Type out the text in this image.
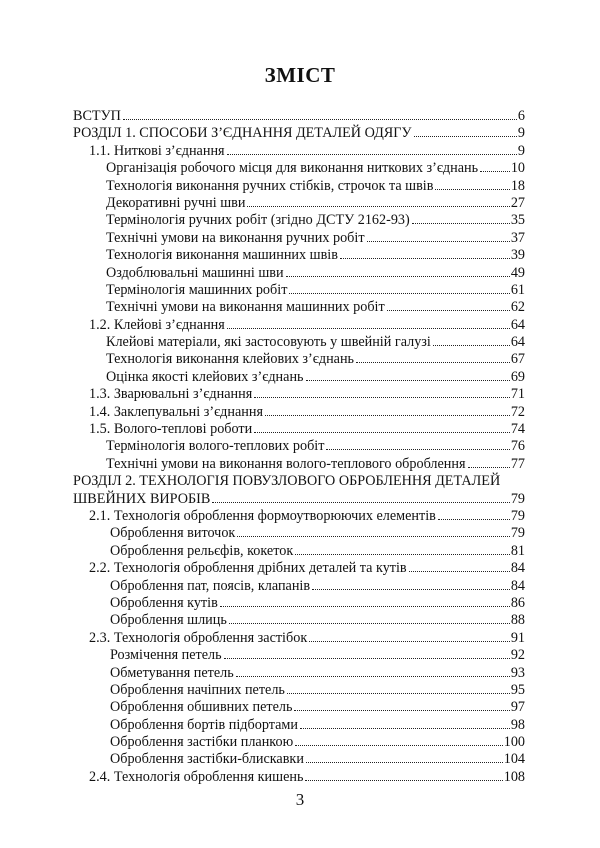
ЗМІСТ
ВСТУП	6
РОЗДІЛ 1. СПОСОБИ З’ЄДНАННЯ ДЕТАЛЕЙ ОДЯГУ	9
1.1. Ниткові з’єднання	9
Організація робочого місця для виконання ниткових з’єднань 10
Технологія виконання ручних стібків, строчок та швів	18
Декоративні ручні шви	27
Термінологія ручних робіт (згідно ДСТУ 2162-93)	35
Технічні умови на виконання ручних робіт	37
Технологія виконання машинних швів	39
Оздоблювальні машинні шви	49
Термінологія машинних робіт	61
Технічні умови на виконання машинних робіт	62
1.2. Клейові з’єднання	64
Клейові матеріали, які застосовують у швейній галузі	64
Технологія виконання клейових з’єднань	67
Оцінка якості клейових з’єднань	69
1.3. Зварювальні з’єднання	71
1.4. Заклепувальні з’єднання	72
1.5. Волого-теплові роботи	74
Термінологія волого-теплових робіт	76
Технічні умови на виконання волого-теплового оброблення	77
РОЗДІЛ 2. ТЕХНОЛОГІЯ ПОВУЗЛОВОГО ОБРОБЛЕННЯ ДЕТАЛЕЙ
ШВЕЙНИХ ВИРОБІВ	79
2.1. Технологія оброблення формоутворюючих елементів	79
Оброблення виточок	79
Оброблення рельєфів, кокеток	81
2.2. Технологія оброблення дрібних деталей та кутів	84
Оброблення пат, поясів, клапанів	84
Оброблення кутів	86
Оброблення шлиць	88
2.3. Технологія оброблення застібок	91
Розмічення петель	92
Обметування петель	93
Оброблення начіпних петель	95
Оброблення обшивних петель	97
Оброблення бортів підбортами	98
Оброблення застібки планкою	100
Оброблення застібки-блискавки	104
2.4. Технологія оброблення кишень	108
3
